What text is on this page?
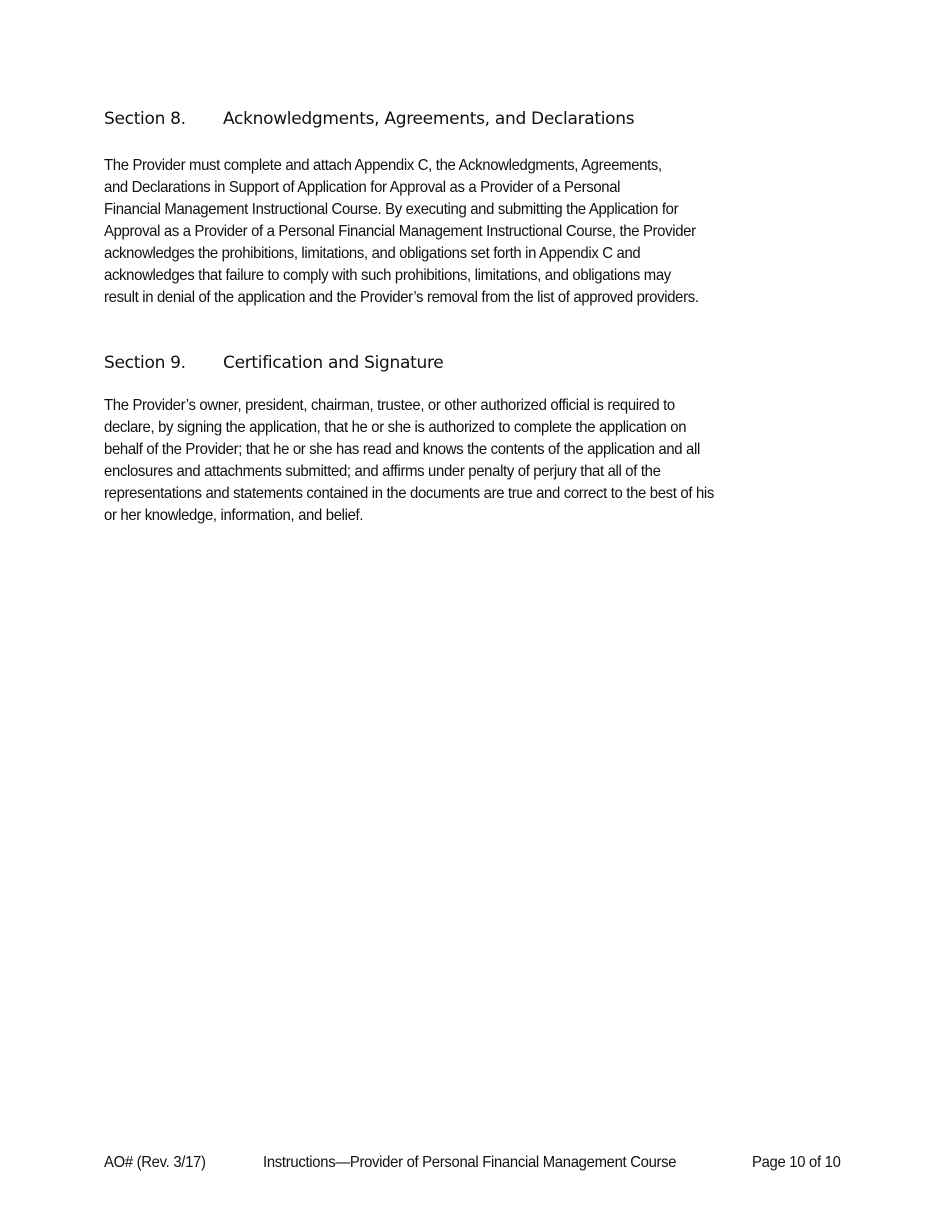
Section 8. Acknowledgments, Agreements, and Declarations

The Provider must complete and attach Appendix C, the Acknowledgments, Agreements,
and Declarations in Support of Application for Approval as a Provider of a Personal
Financial Management Instructional Course. By executing and submitting the Application for
Approval as a Provider of a Personal Financial Management Instructional Course, the Provider
acknowledges the prohibitions, limitations, and obligations set forth in Appendix C and
acknowledges that failure to comply with such prohibitions, limitations, and obligations may
result in denial of the application and the Provider’s removal from the list of approved providers.

Section 9. Certification and Signature

The Provider’s owner, president, chairman, trustee, or other authorized official is required to
declare, by signing the application, that he or she is authorized to complete the application on
behalf of the Provider; that he or she has read and knows the contents of the application and all
enclosures and attachments submitted; and affirms under penalty of perjury that all of the
representations and statements contained in the documents are true and correct to the best of his
or her knowledge, information, and belief.

AO# (Rev. 3/17)	Instructions—Provider of Personal Financial Management Course	Page 10 of 10
